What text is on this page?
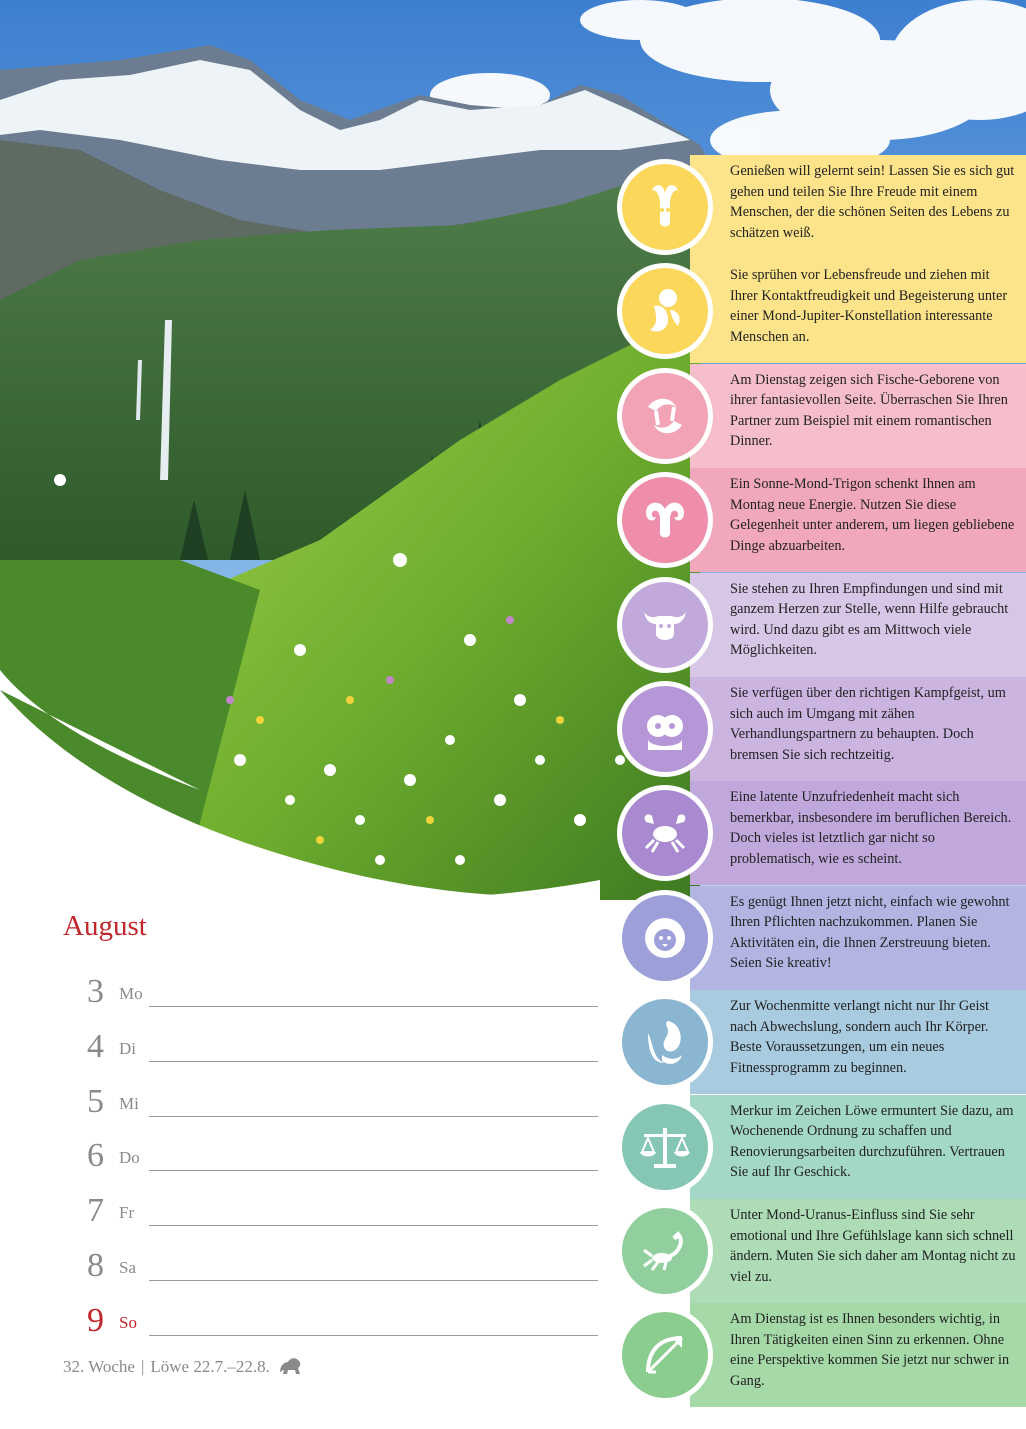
August
3 Mo
4 Di
5 Mi
6 Do
7 Fr
8 Sa
9 So
32. Woche | Löwe 22.7.–22.8.
Genießen will gelernt sein! Lassen Sie es sich gut gehen und teilen Sie Ihre Freude mit einem Menschen, der die schönen Seiten des Lebens zu schätzen weiß.
Sie sprühen vor Lebensfreude und ziehen mit Ihrer Kontaktfreudigkeit und Begeisterung unter einer Mond-Jupiter-Konstellation interessante Menschen an.
Am Dienstag zeigen sich Fische-Geborene von ihrer fantasievollen Seite. Überraschen Sie Ihren Partner zum Beispiel mit einem romantischen Dinner.
Ein Sonne-Mond-Trigon schenkt Ihnen am Montag neue Energie. Nutzen Sie diese Gelegenheit unter anderem, um liegen gebliebene Dinge abzuarbeiten.
Sie stehen zu Ihren Empfindungen und sind mit ganzem Herzen zur Stelle, wenn Hilfe gebraucht wird. Und dazu gibt es am Mittwoch viele Möglichkeiten.
Sie verfügen über den richtigen Kampfgeist, um sich auch im Umgang mit zähen Verhandlungspartnern zu behaupten. Doch bremsen Sie sich rechtzeitig.
Eine latente Unzufriedenheit macht sich bemerkbar, insbesondere im beruflichen Bereich. Doch vieles ist letztlich gar nicht so problematisch, wie es scheint.
Es genügt Ihnen jetzt nicht, einfach wie gewohnt Ihren Pflichten nachzukommen. Planen Sie Aktivitäten ein, die Ihnen Zerstreuung bieten. Seien Sie kreativ!
Zur Wochenmitte verlangt nicht nur Ihr Geist nach Abwechslung, sondern auch Ihr Körper. Beste Voraussetzungen, um ein neues Fitnessprogramm zu beginnen.
Merkur im Zeichen Löwe ermuntert Sie dazu, am Wochenende Ordnung zu schaffen und Renovierungsarbeiten durchzuführen. Vertrauen Sie auf Ihr Geschick.
Unter Mond-Uranus-Einfluss sind Sie sehr emotional und Ihre Gefühlslage kann sich schnell ändern. Muten Sie sich daher am Montag nicht zu viel zu.
Am Dienstag ist es Ihnen besonders wichtig, in Ihren Tätigkeiten einen Sinn zu erkennen. Ohne eine Perspektive kommen Sie jetzt nur schwer in Gang.
